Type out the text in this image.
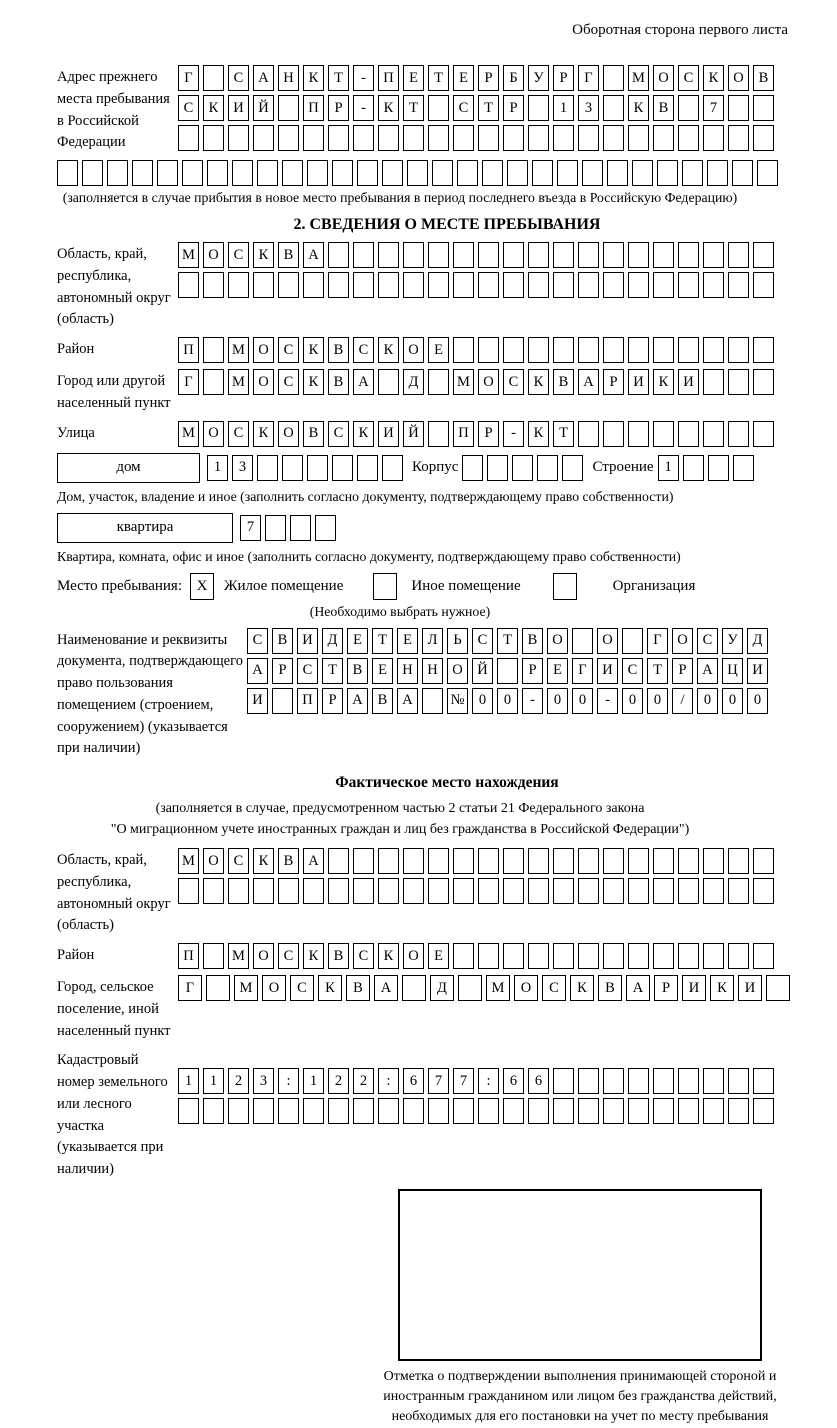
Оборотная сторона первого листа
Адрес прежнего места пребывания в Российской Федерации
Г	С	А	Н	К	Т	-	П	Е	Т	Е	Р	Б	У	Р	Г	М О	С	К	О	В
С	К	И	Й	П	Р	-	К	Т	С	Т	Р	1	3	К	В	7
(заполняется в случае прибытия в новое место пребывания в период последнего въезда в Российскую Федерацию)
2. СВЕДЕНИЯ О МЕСТЕ ПРЕБЫВАНИЯ
Область, край, республика, автономный округ (область)
М О	С	К	В	А
Район	П	М О	С	К	В	С	К	О	Е
Город или другой населенный пункт
Г	М О	С	К	В	А	Д	М О	С	К	В	А	Р	И	К	И
Улица	М О	С	К	О	В	С	К	И	Й	П	Р	-	К	Т
дом	1	3	Корпус	Строение 1
Дом, участок, владение и иное (заполнить согласно документу, подтверждающему право собственности)
квартира	7
Квартира, комната, офис и иное (заполнить согласно документу, подтверждающему право собственности)
Место пребывания: X	Жилое помещение	Иное помещение	Организация
(Необходимо выбрать нужное)
Наименование и реквизиты документа, подтверждающего право пользования помещением (строением, сооружением) (указывается при наличии)
С	В	И	Д	Е	Т	Е	Л	Ь	С	Т	В	О	О	Г	О	С	У	Д
А	Р	С	Т	В	Е	Н	Н	О	Й	Р	Е	Г	И	С	Т	Р	А	Ц	И
И	П	Р	А	В	А	№ 0	0	-	0	0	-	0	0	/	0	0	0
Фактическое место нахождения
(заполняется в случае, предусмотренном частью 2 статьи 21 Федерального закона
"О миграционном учете иностранных граждан и лиц без гражданства в Российской Федерации")
Область, край, республика, автономный округ (область)
М О	С	К	В	А
Район	П	М О	С	К	В	С	К	О	Е
Город, сельское поселение, иной населенный пункт
Г	М	О	С	К	В	А	Д	М	О	С	К	В	А	Р	И	К	И
Кадастровый номер земельного или лесного участка (указывается при наличии)
1	1	2	3	:	1	2	2	:	6	7	7	:	6	6
Отметка о подтверждении выполнения принимающей стороной и иностранным гражданином или лицом без гражданства действий, необходимых для его постановки на учет по месту пребывания
